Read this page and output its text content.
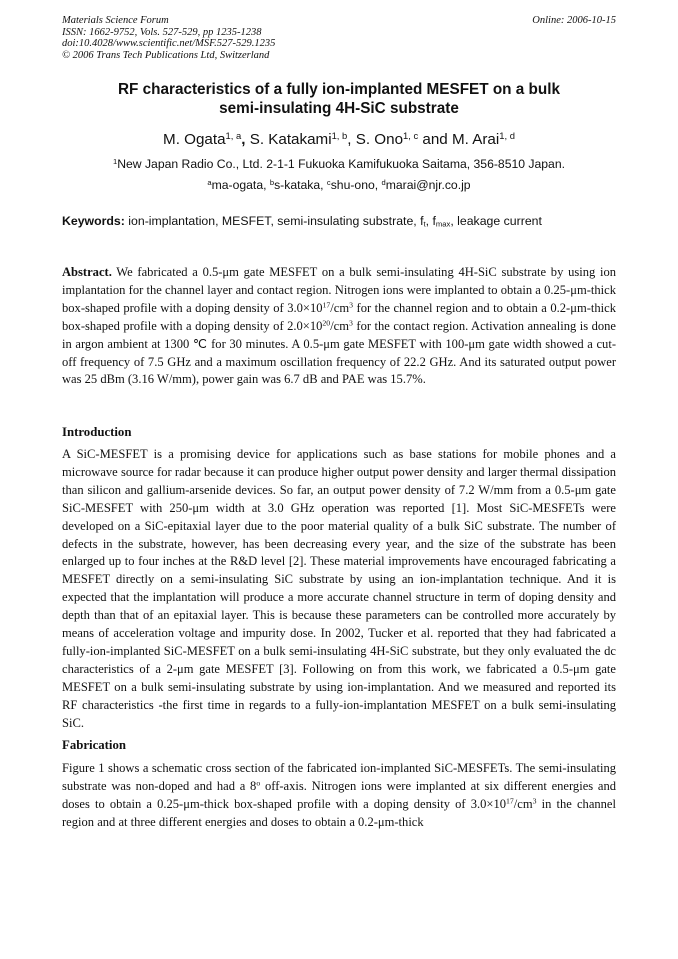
Materials Science Forum
ISSN: 1662-9752, Vols. 527-529, pp 1235-1238
doi:10.4028/www.scientific.net/MSF.527-529.1235
© 2006 Trans Tech Publications Ltd, Switzerland
Online: 2006-10-15
RF characteristics of a fully ion-implanted MESFET on a bulk
semi-insulating 4H-SiC substrate
M. Ogata$^{1, a}$, S. Katakami$^{1, b}$, S. Ono$^{1, c}$ and M. Arai$^{1, d}$
$^1$New Japan Radio Co., Ltd. 2-1-1 Fukuoka Kamifukuoka Saitama, 356-8510 Japan.
$^a$ma-ogata, $^b$s-kataka, $^c$shu-ono, $^d$marai@njr.co.jp
Keywords: ion-implantation, MESFET, semi-insulating substrate, $f_t$, $f_{max}$, leakage current
Abstract. We fabricated a 0.5-μm gate MESFET on a bulk semi-insulating 4H-SiC substrate by using ion implantation for the channel layer and contact region. Nitrogen ions were implanted to obtain a 0.25-μm-thick box-shaped profile with a doping density of $3.0\times 10^{17}/cm^3$ for the channel region and to obtain a 0.2-μm-thick box-shaped profile with a doping density of $2.0\times 10^{20}/cm^3$ for the contact region. Activation annealing is done in argon ambient at 1300 ℃ for 30 minutes. A 0.5-μm gate MESFET with 100-μm gate width showed a cut-off frequency of 7.5 GHz and a maximum oscillation frequency of 22.2 GHz. And its saturated output power was 25 dBm (3.16 W/mm), power gain was 6.7 dB and PAE was 15.7%.
Introduction
A SiC-MESFET is a promising device for applications such as base stations for mobile phones and a microwave source for radar because it can produce higher output power density and larger thermal dissipation than silicon and gallium-arsenide devices. So far, an output power density of 7.2 W/mm from a 0.5-μm gate SiC-MESFET with 250-μm width at 3.0 GHz operation was reported [1]. Most SiC-MESFETs were developed on a SiC-epitaxial layer due to the poor material quality of a bulk SiC substrate. The number of defects in the substrate, however, has been decreasing every year, and the size of the substrate has been enlarged up to four inches at the R&D level [2]. These material improvements have encouraged fabricating a MESFET directly on a semi-insulating SiC substrate by using an ion-implantation technique. And it is expected that the implantation will produce a more accurate channel structure in term of doping density and depth than that of an epitaxial layer. This is because these parameters can be controlled more accurately by means of acceleration voltage and impurity dose. In 2002, Tucker et al. reported that they had fabricated a fully-ion-implanted SiC-MESFET on a bulk semi-insulating 4H-SiC substrate, but they only evaluated the dc characteristics of a 2-μm gate MESFET [3]. Following on from this work, we fabricated a 0.5-μm gate MESFET on a bulk semi-insulating substrate by using ion-implantation. And we measured and reported its RF characteristics -the first time in regards to a fully-ion-implantation MESFET on a bulk semi-insulating SiC.
Fabrication
Figure 1 shows a schematic cross section of the fabricated ion-implanted SiC-MESFETs. The semi-insulating substrate was non-doped and had a 8$^o$ off-axis. Nitrogen ions were implanted at six different energies and doses to obtain a 0.25-μm-thick box-shaped profile with a doping density of $3.0\times 10^{17}/cm^3$ in the channel region and at three different energies and doses to obtain a 0.2-μm-thick
